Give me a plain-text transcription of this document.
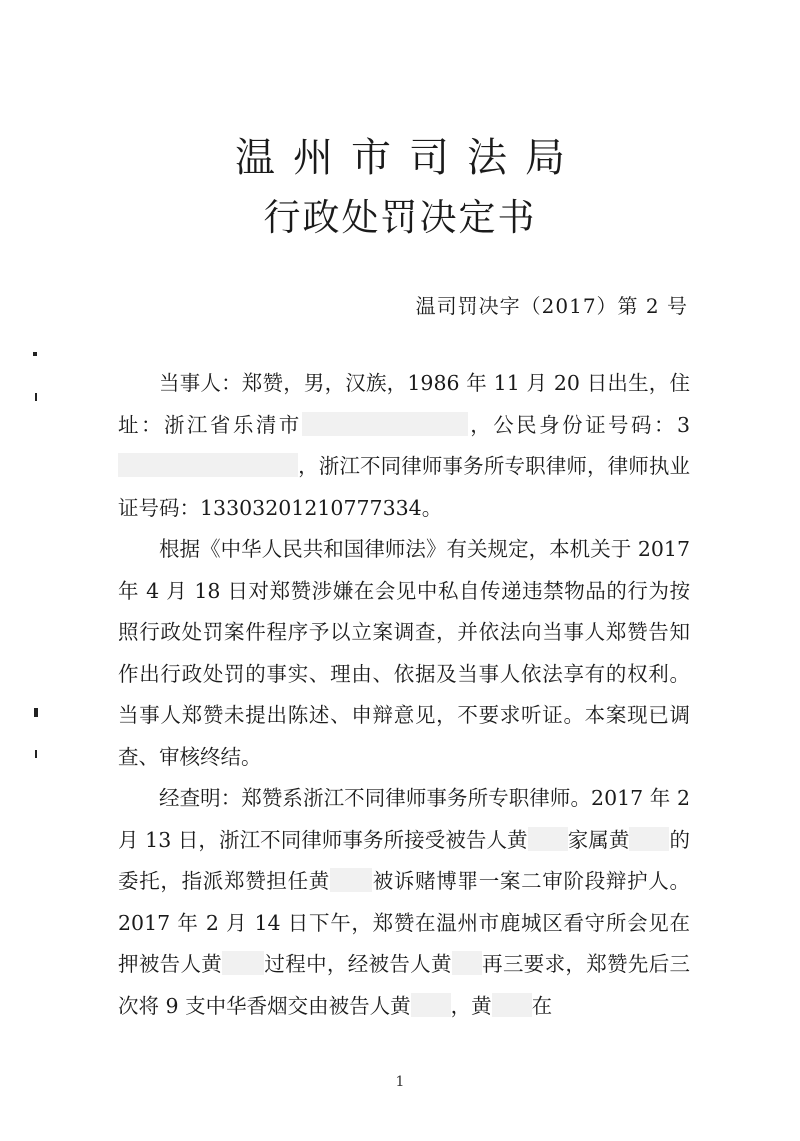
温州市司法局
行政处罚决定书
温司罚决字（2017）第 2 号

当事人：郑赞，男，汉族，1986 年 11 月 20 日出生，住址：浙江省乐清市	，公民身份证号码：3，浙江不同律师事务所专职律师，律师执业证号码：13303201210777334。

根据《中华人民共和国律师法》有关规定，本机关于 2017 年 4 月 18 日对郑赞涉嫌在会见中私自传递违禁物品的行为按照行政处罚案件程序予以立案调查，并依法向当事人郑赞告知作出行政处罚的事实、理由、依据及当事人依法享有的权利。当事人郑赞未提出陈述、申辩意见，不要求听证。本案现已调查、审核终结。

经查明：郑赞系浙江不同律师事务所专职律师。2017 年 2 月 13 日，浙江不同律师事务所接受被告人黄 家属黄 的委托，指派郑赞担任黄 被诉赌博罪一案二审阶段辩护人。2017 年 2 月 14 日下午，郑赞在温州市鹿城区看守所会见在押被告人黄 过程中，经被告人黄 再三要求，郑赞先后三次将 9 支中华香烟交由被告人黄 ，黄 在

1
